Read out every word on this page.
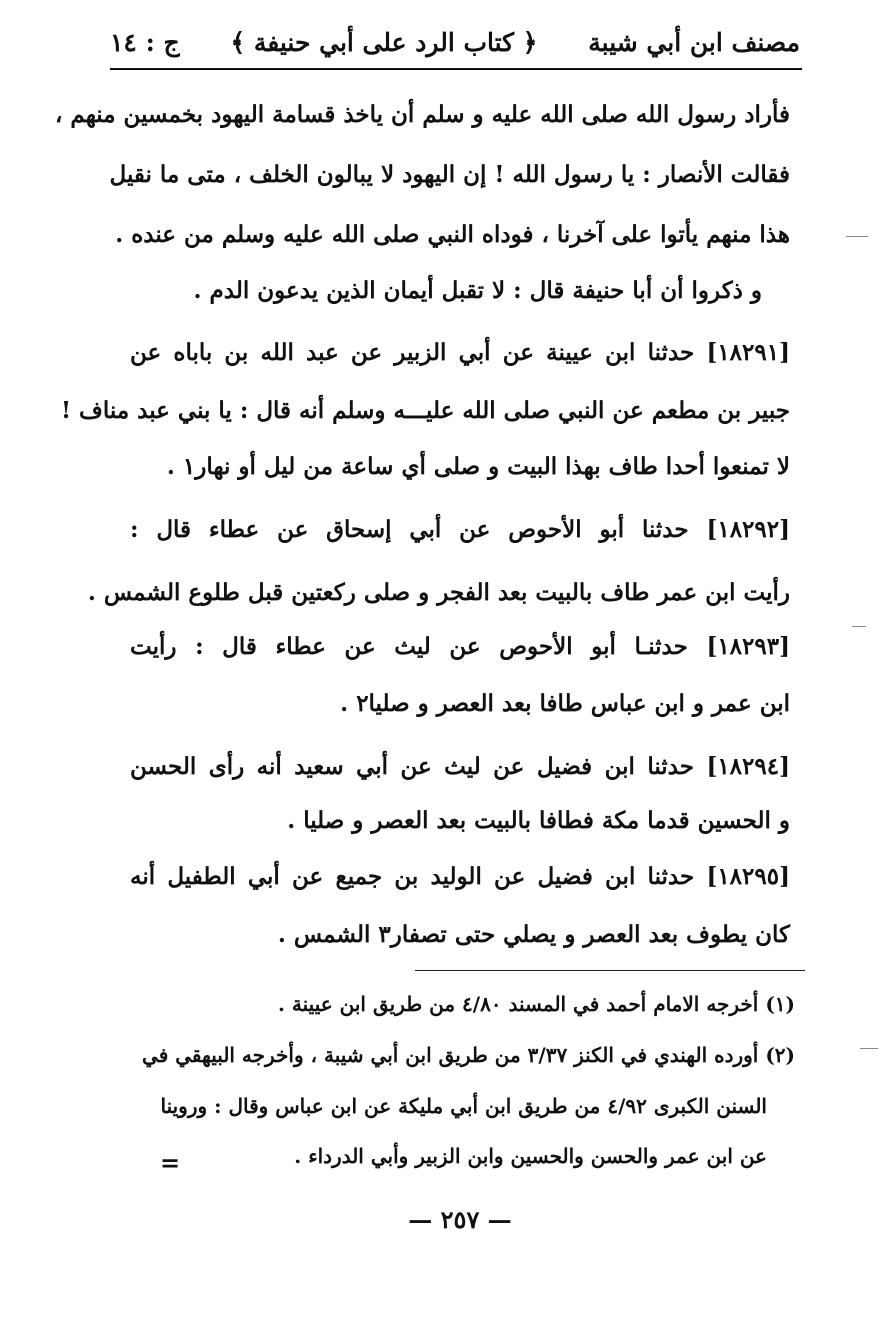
مصنف ابن أبي شيبة
﴿ كتاب الرد على أبي حنيفة ﴾
ج : ١٤
فأراد رسول الله صلى الله عليه و سلم أن ياخذ قسامة اليهود بخمسين منهم ،
فقالت الأنصار : يا رسول الله ! إن اليهود لا يبالون الخلف ، متى ما نقيل
هذا منهم يأتوا على آخرنا ، فوداه النبي صلى الله عليه وسلم من عنده .
و ذكروا أن أبا حنيفة قال : لا تقبل أيمان الذين يدعون الدم .
[١٨٢٩١] حدثنا ابن عيينة عن أبي الزبير عن عبد الله بن باباه عن
جبير بن مطعم عن النبي صلى الله عليـــه وسلم أنه قال : يا بني عبد مناف !
لا تمنعوا أحدا طاف بهذا البيت و صلى أي ساعة من ليل أو نهار١ .
[١٨٢٩٢] حدثنا أبو الأحوص عن أبي إسحاق عن عطاء قال :
رأيت ابن عمر طاف بالبيت بعد الفجر و صلى ركعتين قبل طلوع الشمس .
[١٨٢٩٣] حدثنـا أبو الأحوص عن ليث عن عطاء قال : رأيت
ابن عمر و ابن عباس طافا بعد العصر و صليا٢ .
[١٨٢٩٤] حدثنا ابن فضيل عن ليث عن أبي سعيد أنه رأى الحسن
و الحسين قدما مكة فطافا بالبيت بعد العصر و صليا .
[١٨٢٩٥] حدثنا ابن فضيل عن الوليد بن جميع عن أبي الطفيل أنه
كان يطوف بعد العصر و يصلي حتى تصفار٣ الشمس .
(١) أخرجه الامام أحمد في المسند ٤/٨٠ من طريق ابن عيينة .
(٢) أورده الهندي في الكنز ٣/٣٧ من طريق ابن أبي شيبة ، وأخرجه البيهقي في
السنن الكبرى ٤/٩٢ من طريق ابن أبي مليكة عن ابن عباس وقال : وروينا
عن ابن عمر والحسن والحسين وابن الزبير وأبي الدرداء .
=
— ٢٥٧ —
